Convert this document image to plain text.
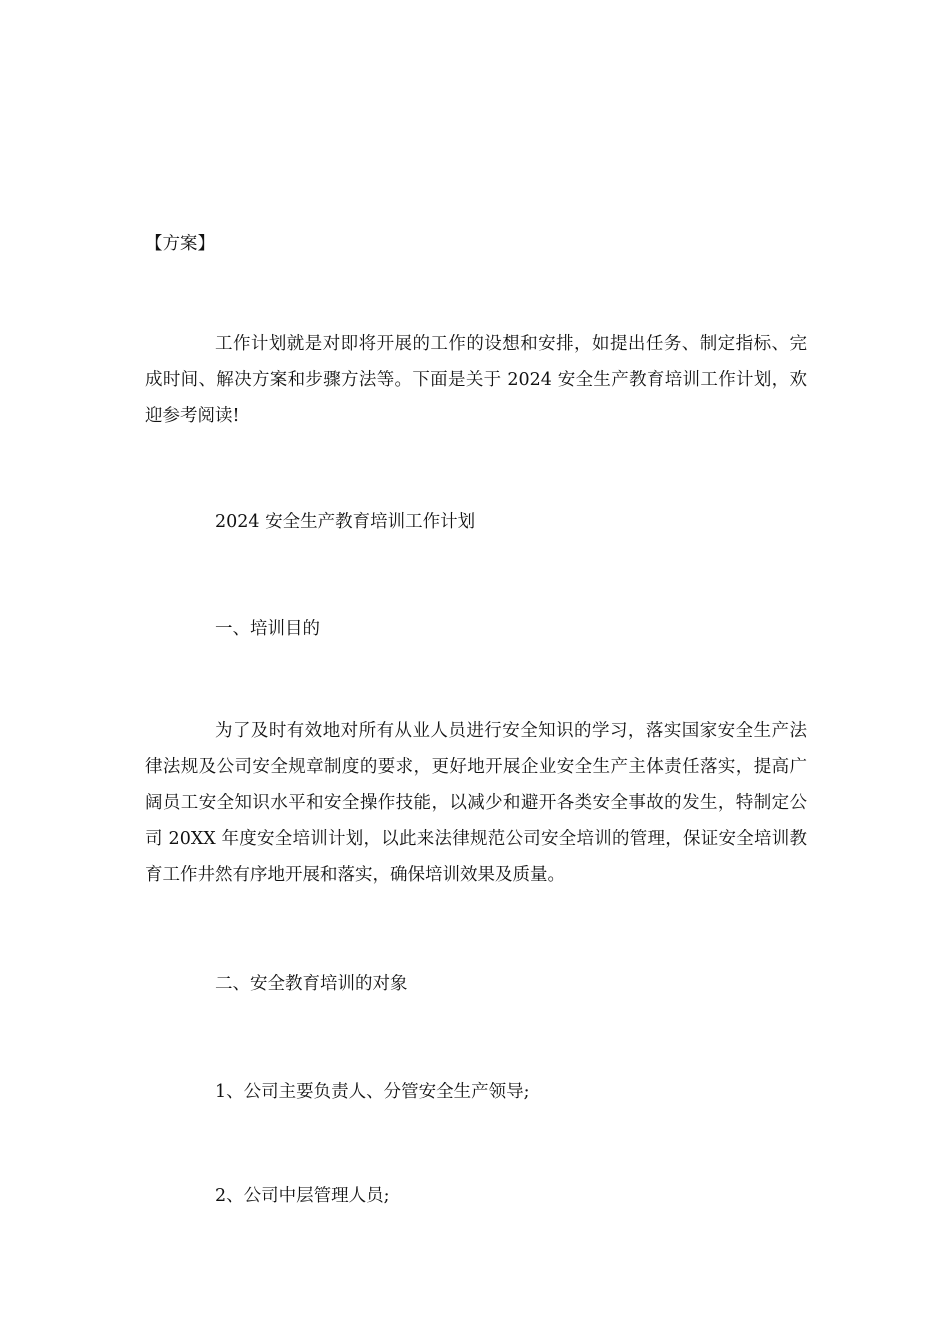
【方案】

工作计划就是对即将开展的工作的设想和安排，如提出任务、制定指标、完成时间、解决方案和步骤方法等。下面是关于 2024 安全生产教育培训工作计划，欢迎参考阅读!

2024 安全生产教育培训工作计划

一、培训目的

为了及时有效地对所有从业人员进行安全知识的学习，落实国家安全生产法律法规及公司安全规章制度的要求，更好地开展企业安全生产主体责任落实，提高广阔员工安全知识水平和安全操作技能，以减少和避开各类安全事故的发生，特制定公司 20XX 年度安全培训计划，以此来法律规范公司安全培训的管理，保证安全培训教育工作井然有序地开展和落实，确保培训效果及质量。

二、安全教育培训的对象

1、公司主要负责人、分管安全生产领导;

2、公司中层管理人员;
